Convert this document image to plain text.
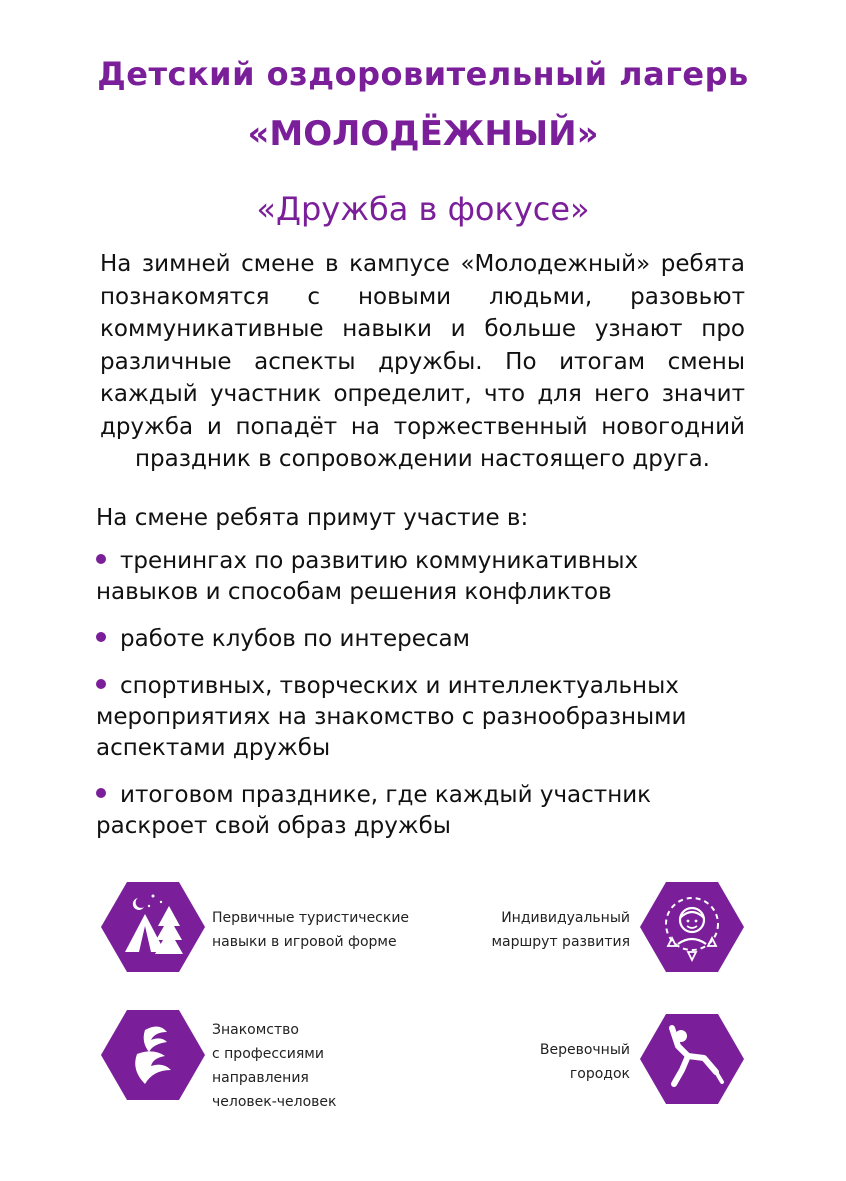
Детский оздоровительный лагерь
«МОЛОДЁЖНЫЙ»
«Дружба в фокусе»
На зимней смене в кампусе «Молодежный» ребята познакомятся с новыми людьми, разовьют коммуникативные навыки и больше узнают про различные аспекты дружбы. По итогам смены каждый участник определит, что для него значит дружба и попадёт на торжественный новогодний праздник в сопровождении настоящего друга.
На смене ребята примут участие в:
тренингах по развитию коммуникативных навыков и способам решения конфликтов
работе клубов по интересам
спортивных, творческих и интеллектуальных мероприятиях на знакомство с разнообразными аспектами дружбы
итоговом празднике, где каждый участник раскроет свой образ дружбы
Первичные туристические
навыки в игровой форме
Индивидуальный
маршрут развития
Знакомство
с профессиями
направления
человек-человек
Веревочный
городок
